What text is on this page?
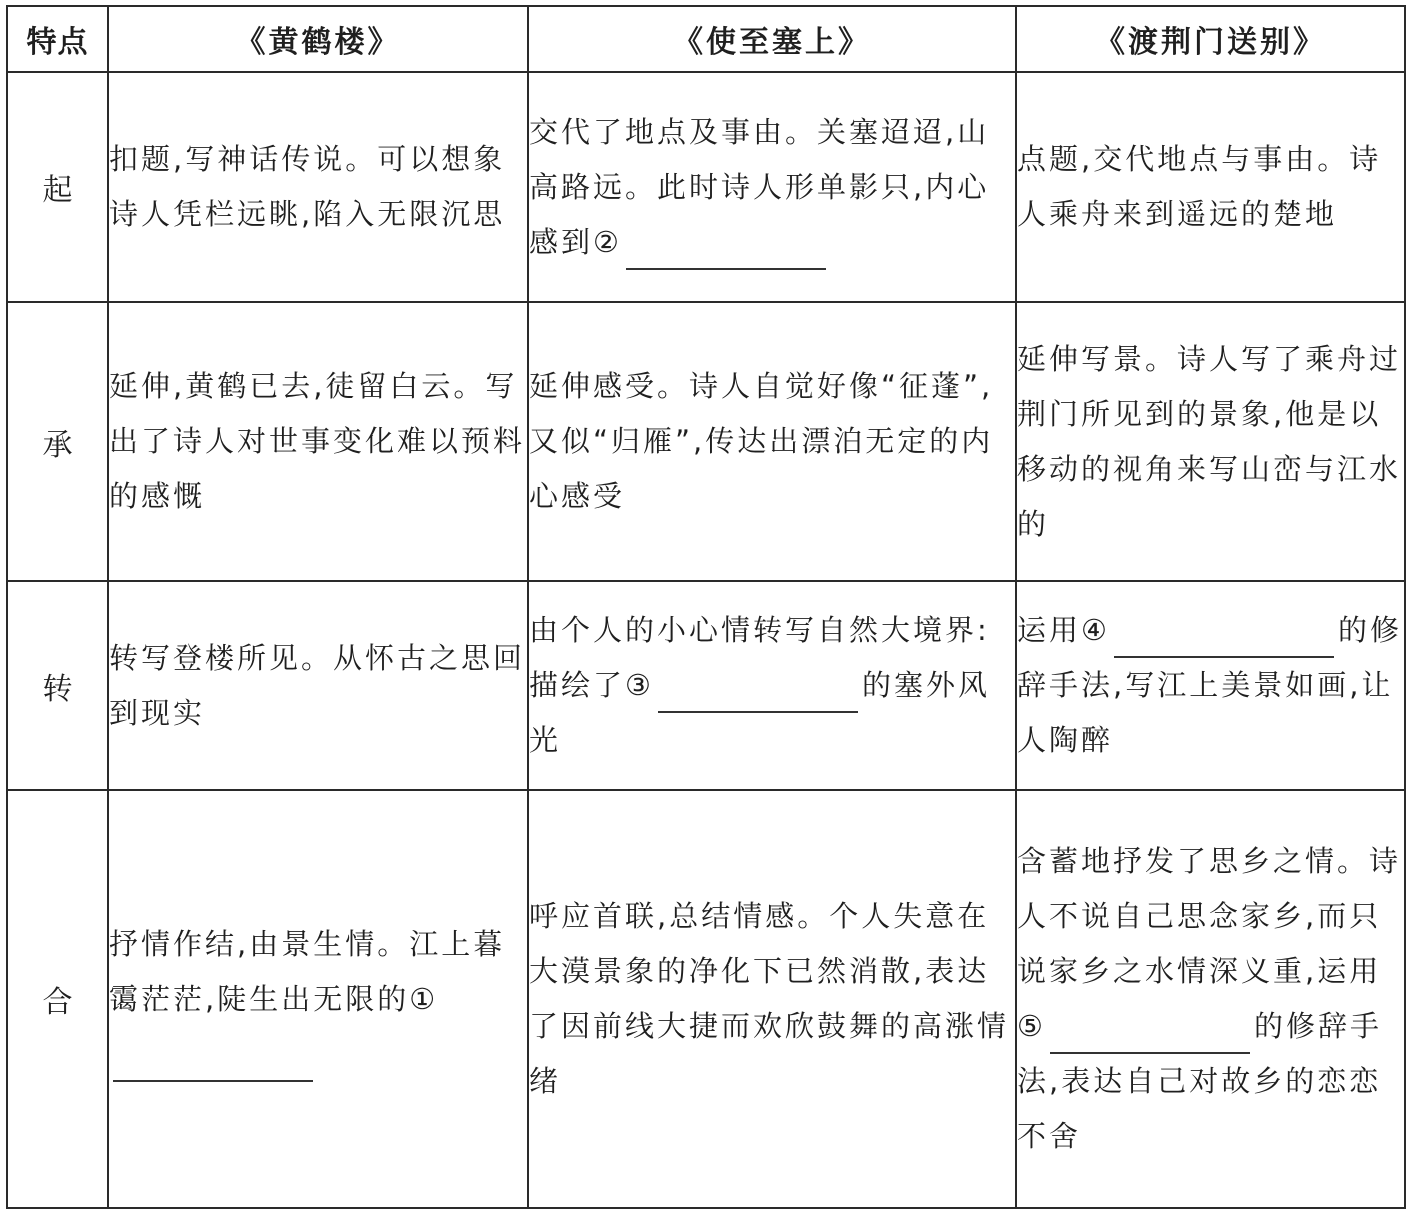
特点	《黄鹤楼》	《使至塞上》	《渡荆门送别》
起	扣题,写神话传说。可以想象诗人凭栏远眺,陷入无限沉思	交代了地点及事由。关塞迢迢,山高路远。此时诗人形单影只,内心感到②	点题,交代地点与事由。诗人乘舟来到遥远的楚地
承	延伸,黄鹤已去,徒留白云。写出了诗人对世事变化难以预料的感慨	延伸感受。诗人自觉好像“征蓬”,又似“归雁”,传达出漂泊无定的内心感受	延伸写景。诗人写了乘舟过荆门所见到的景象,他是以移动的视角来写山峦与江水的
转	转写登楼所见。从怀古之思回到现实	由个人的小心情转写自然大境界:描绘了③ 的塞外风光	运用④ 的修辞手法,写江上美景如画,让人陶醉
合	抒情作结,由景生情。江上暮霭茫茫,陡生出无限的①	呼应首联,总结情感。个人失意在大漠景象的净化下已然消散,表达了因前线大捷而欢欣鼓舞的高涨情绪	含蓄地抒发了思乡之情。诗人不说自己思念家乡,而只说家乡之水情深义重,运用⑤ 的修辞手法,表达自己对故乡的恋恋不舍
